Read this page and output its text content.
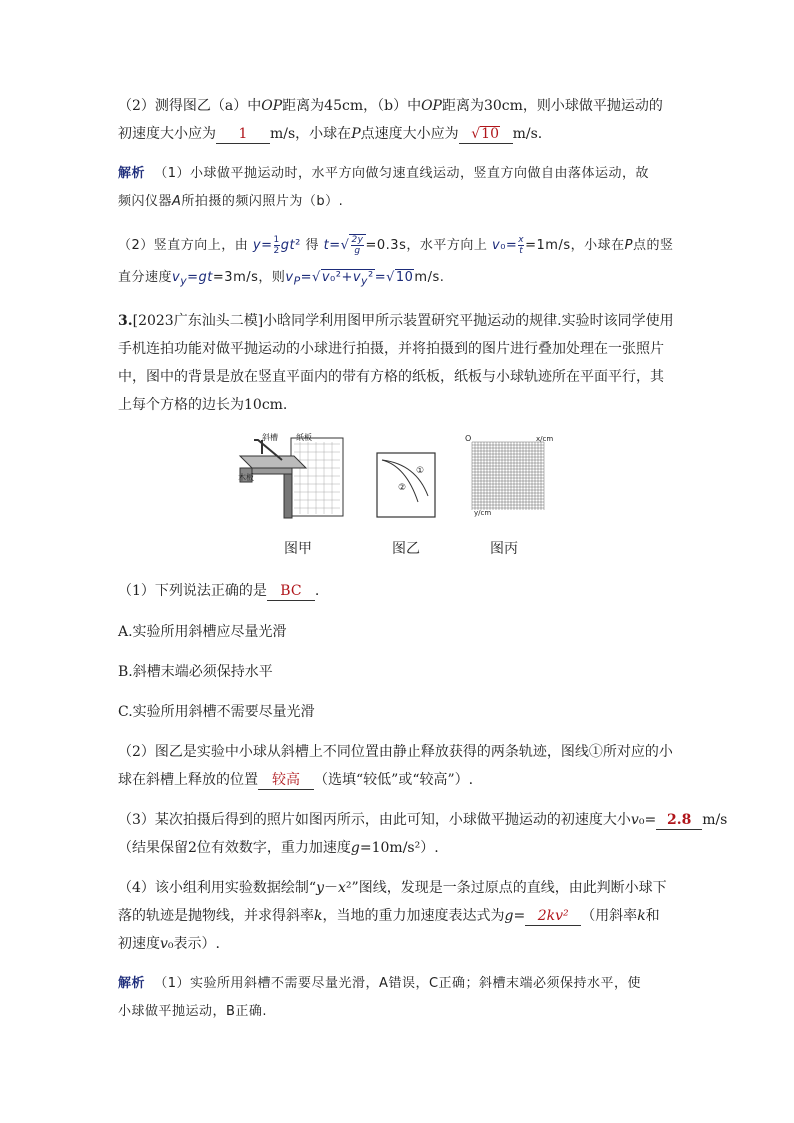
（2）测得图乙（a）中OP距离为45cm，（b）中OP距离为30cm，则小球做平抛运动的
初速度大小应为 1 m/s，小球在P点速度大小应为 √10 m/s.
解析 （1）小球做平抛运动时，水平方向做匀速直线运动，竖直方向做自由落体运动，故
频闪仪器A所拍摄的频闪照片为（b）.
（2）竖直方向上，由 $y= \frac{1}{2} gt^2$ 得 $t=√ \frac{2y}{g} =0.3s$，水平方向上 $v_0= \frac{x}{t} =1m/s$，小球在P点的竖
直分速度$v_y=gt=3m/s$，则$v_P=√v_0^2+v_y^2=√10m/s$.
3.[2023广东汕头二模]小晗同学利用图甲所示装置研究平抛运动的规律.实验时该同学使用
手机连拍功能对做平抛运动的小球进行拍摄，并将拍摄到的图片进行叠加处理在一张照片
中，图中的背景是放在竖直平面内的带有方格的纸板，纸板与小球轨迹所在平面平行，其
上每个方格的边长为10cm.
斜槽 纸板
木板
图甲
①
②
图乙
O	x/cm
y/cm
图丙
（1）下列说法正确的是 BC .
A.实验所用斜槽应尽量光滑
B.斜槽末端必须保持水平
C.实验所用斜槽不需要尽量光滑
（2）图乙是实验中小球从斜槽上不同位置由静止释放获得的两条轨迹，图线①所对应的小
球在斜槽上释放的位置 较高 （选填“较低”或“较高”）.
（3）某次拍摄后得到的照片如图丙所示，由此可知，小球做平抛运动的初速度大小v₀= 2.8 m/s
（结果保留2位有效数字，重力加速度g=10m/s²）.
（4）该小组利用实验数据绘制“y－x²”图线，发现是一条过原点的直线，由此判断小球下
落的轨迹是抛物线，并求得斜率k，当地的重力加速度表达式为g= 2kv² （用斜率k和
初速度v₀表示）.
解析 （1）实验所用斜槽不需要尽量光滑，A错误，C正确；斜槽末端必须保持水平，使
小球做平抛运动，B正确.
